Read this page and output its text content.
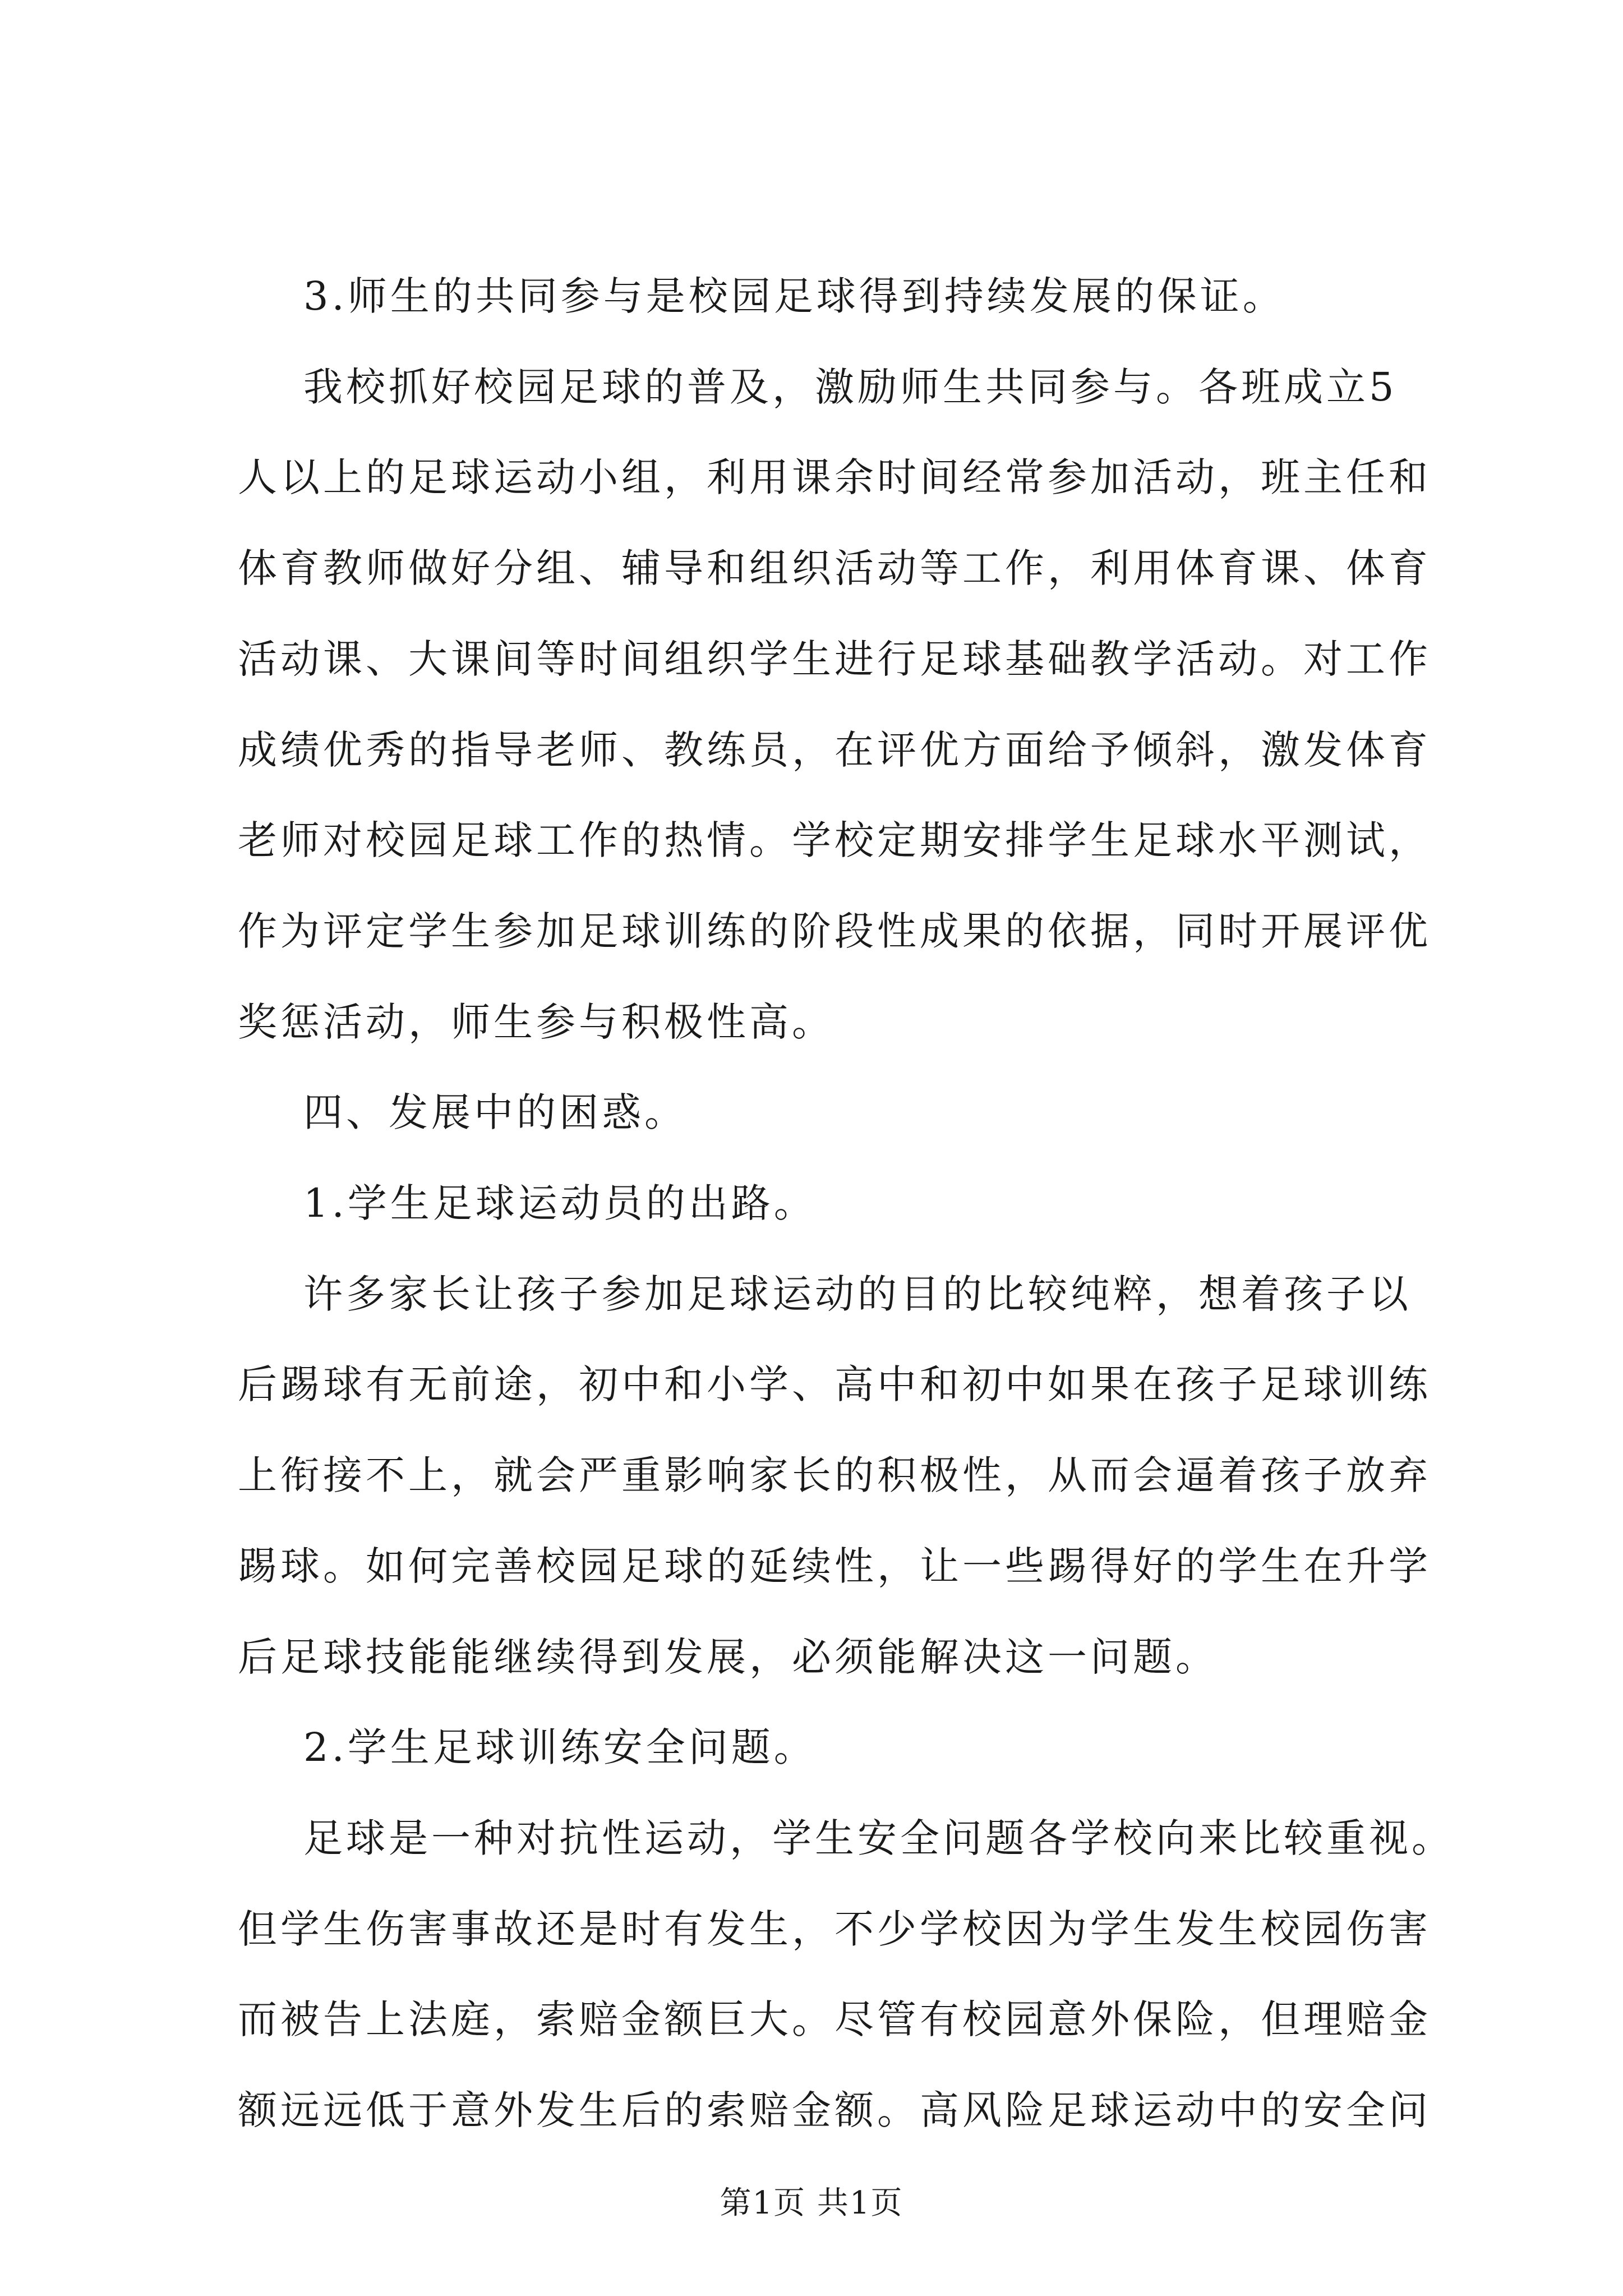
3.师生的共同参与是校园足球得到持续发展的保证。
我校抓好校园足球的普及，激励师生共同参与。各班成立5
人以上的足球运动小组，利用课余时间经常参加活动，班主任和
体育教师做好分组、辅导和组织活动等工作，利用体育课、体育
活动课、大课间等时间组织学生进行足球基础教学活动。对工作
成绩优秀的指导老师、教练员，在评优方面给予倾斜，激发体育
老师对校园足球工作的热情。学校定期安排学生足球水平测试，
作为评定学生参加足球训练的阶段性成果的依据，同时开展评优
奖惩活动，师生参与积极性高。
四、发展中的困惑。
1.学生足球运动员的出路。
许多家长让孩子参加足球运动的目的比较纯粹，想着孩子以
后踢球有无前途，初中和小学、高中和初中如果在孩子足球训练
上衔接不上，就会严重影响家长的积极性，从而会逼着孩子放弃
踢球。如何完善校园足球的延续性，让一些踢得好的学生在升学
后足球技能能继续得到发展，必须能解决这一问题。
2.学生足球训练安全问题。
足球是一种对抗性运动，学生安全问题各学校向来比较重视。
但学生伤害事故还是时有发生，不少学校因为学生发生校园伤害
而被告上法庭，索赔金额巨大。尽管有校园意外保险，但理赔金
额远远低于意外发生后的索赔金额。高风险足球运动中的安全问
第1页 共1页
